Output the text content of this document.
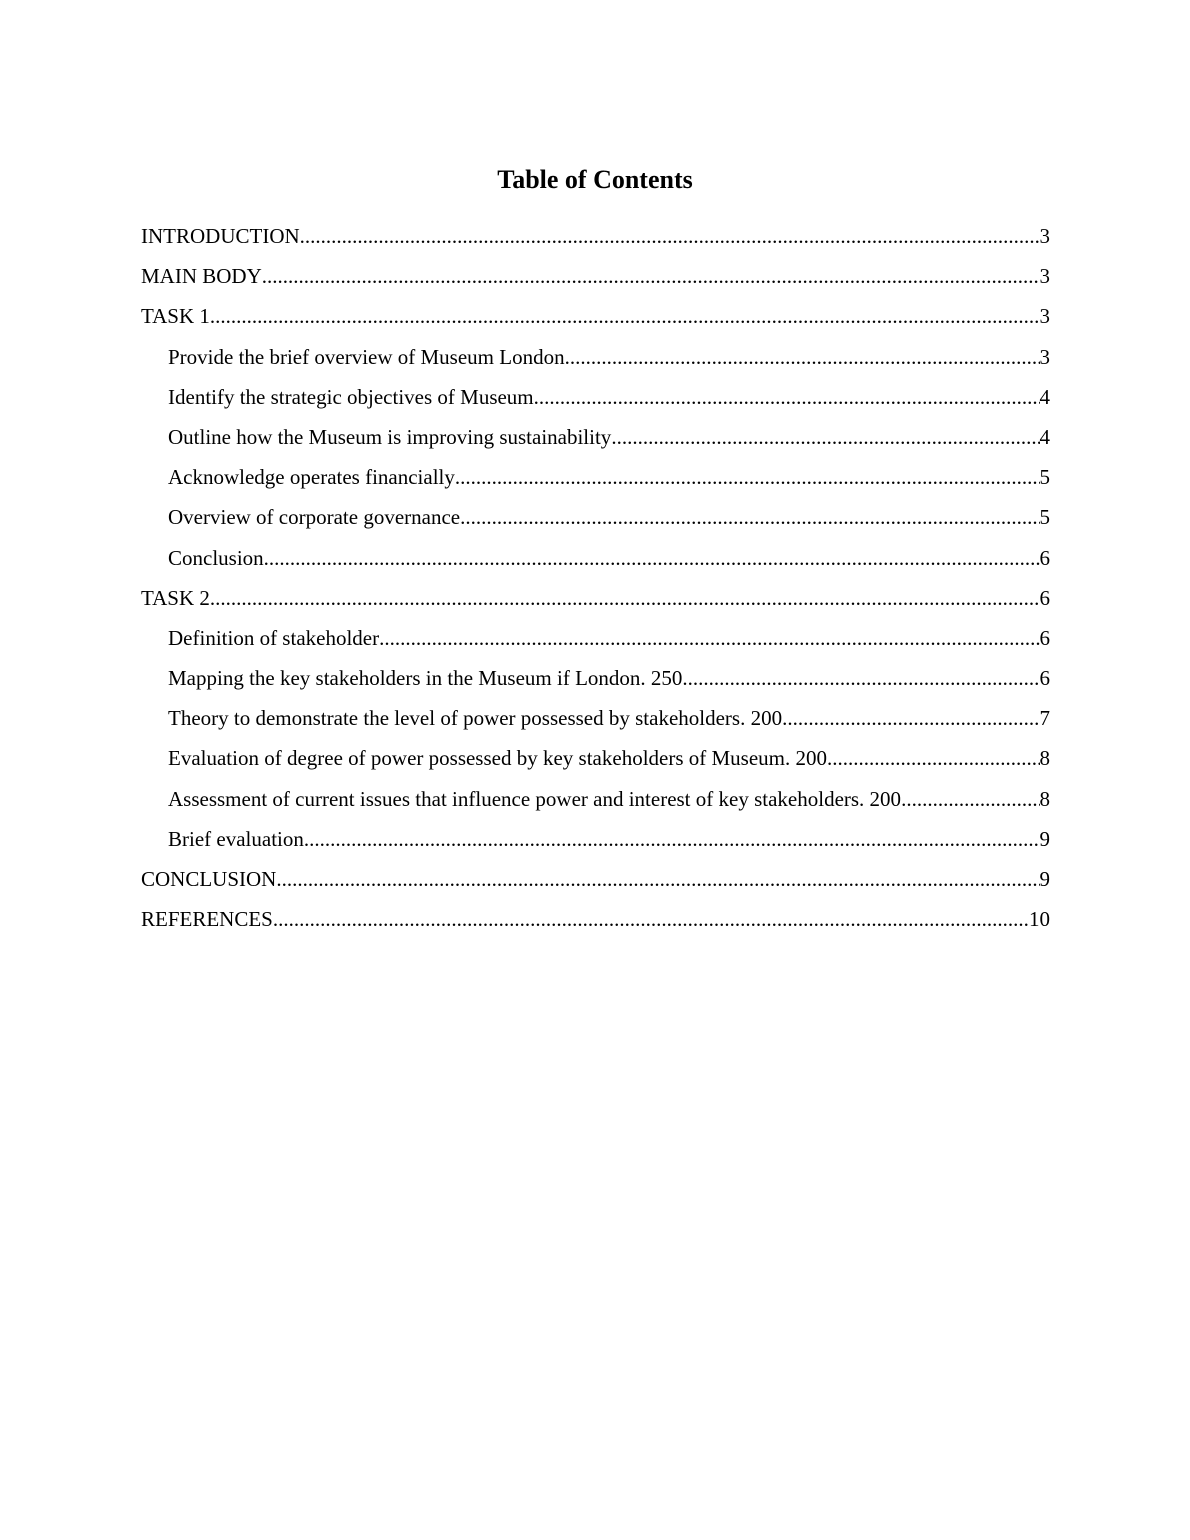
Table of Contents
INTRODUCTION .....	3
MAIN BODY .....	3
TASK 1 .....	3
Provide the brief overview of Museum London .....	3
Identify the strategic objectives of Museum .....	4
Outline how the Museum is improving sustainability .....	4
Acknowledge operates financially .....	5
Overview of corporate governance .....	5
Conclusion .....	6
TASK 2 .....	6
Definition of stakeholder .....	6
Mapping the key stakeholders in the Museum if London. 250 .....	6
Theory to demonstrate the level of power possessed by stakeholders. 200 .....	7
Evaluation of degree of power possessed by key stakeholders of Museum. 200 .....	8
Assessment of current issues that influence power and interest of key stakeholders. 200 .....	8
Brief evaluation .....	9
CONCLUSION .....	9
REFERENCES .....	10
